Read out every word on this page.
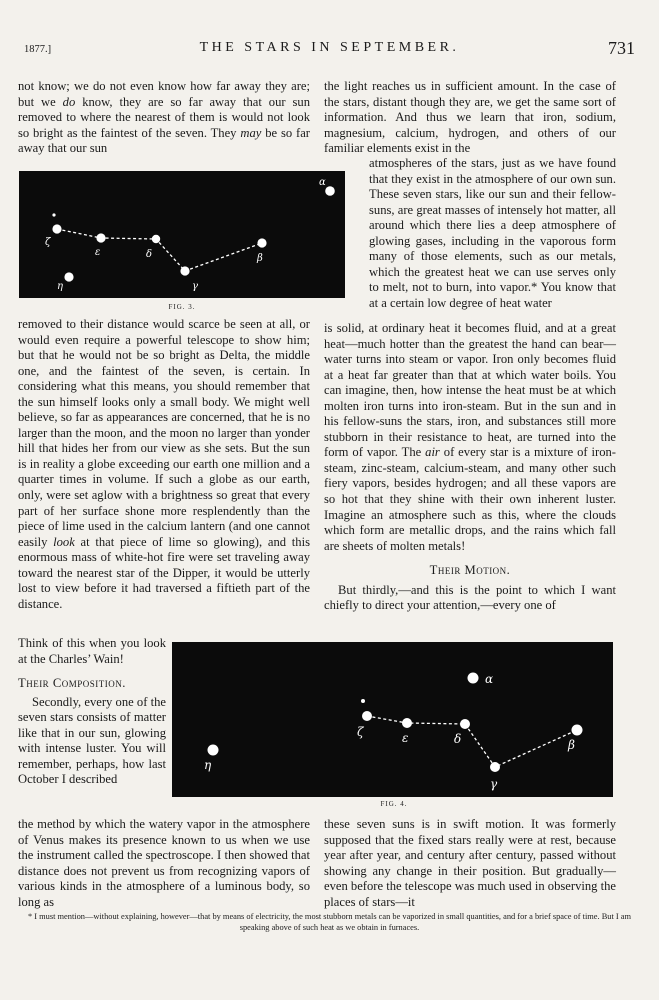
1877.]	THE STARS IN SEPTEMBER.	731

not know; we do not even know how far away they are; but we do know, they are so far away that our sun removed to where the nearest of them is would not look so bright as the faintest of the seven. They may be so far away that our sun

α
ζ
ε	δ	β
η	γ
FIG. 3.

removed to their distance would scarce be seen at all, or would even require a powerful telescope to show him; but that he would not be so bright as Delta, the middle one, and the faintest of the seven, is certain. In considering what this means, you should remember that the sun himself looks only a small body. We might well believe, so far as appearances are concerned, that he is no larger than the moon, and the moon no larger than yonder hill that hides her from our view as she sets. But the sun is in reality a globe exceeding our earth one million and a quarter times in volume. If such a globe as our earth, only, were set aglow with a brightness so great that every part of her surface shone more resplendently than the piece of lime used in the calcium lantern (and one cannot easily look at that piece of lime so glowing), and this enormous mass of white-hot fire were set traveling away toward the nearest star of the Dipper, it would be utterly lost to view before it had traversed a fiftieth part of the distance.

Think of this when you look at the Charles’ Wain!

Their Composition.

Secondly, every one of the seven stars consists of matter like that in our sun, glowing with intense luster. You will remember, perhaps, how last October I described

the method by which the watery vapor in the atmosphere of Venus makes its presence known to us when we use the instrument called the spectroscope. I then showed that distance does not prevent us from recognizing vapors of various kinds in the atmosphere of a luminous body, so long as

the light reaches us in sufficient amount. In the case of the stars, distant though they are, we get the same sort of information. And thus we learn that iron, sodium, magnesium, calcium, hydrogen, and others of our familiar elements exist in the

atmospheres of the stars, just as we have found that they exist in the atmosphere of our own sun. These seven stars, like our sun and their fellow-suns, are great masses of intensely hot matter, all around which there lies a deep atmosphere of glowing gases, including in the vaporous form many of those elements, such as our metals, which the greatest heat we can use serves only to melt, not to burn, into vapor.* You know that at a certain low degree of heat water

is solid, at ordinary heat it becomes fluid, and at a great heat—much hotter than the greatest the hand can bear—water turns into steam or vapor. Iron only becomes fluid at a heat far greater than that at which water boils. You can imagine, then, how intense the heat must be at which molten iron turns into iron-steam. But in the sun and in his fellow-suns the stars, iron, and substances still more stubborn in their resistance to heat, are turned into the form of vapor. The air of every star is a mixture of iron-steam, zinc-steam, calcium-steam, and many other such fiery vapors, besides hydrogen; and all these vapors are so hot that they shine with their own inherent luster. Imagine an atmosphere such as this, where the clouds which form are metallic drops, and the rains which fall are sheets of molten metals!

Their Motion.

But thirdly,—and this is the point to which I want chiefly to direct your attention,—every one of

α
ζ	ε	δ	β
η
γ
FIG. 4.

these seven suns is in swift motion. It was formerly supposed that the fixed stars really were at rest, because year after year, and century after century, passed without showing any change in their position. But gradually—even before the telescope was much used in observing the places of stars—it

* I must mention—without explaining, however—that by means of electricity, the most stubborn metals can be vaporized in small quantities, and for a brief space of time. But I am speaking above of such heat as we obtain in furnaces.
